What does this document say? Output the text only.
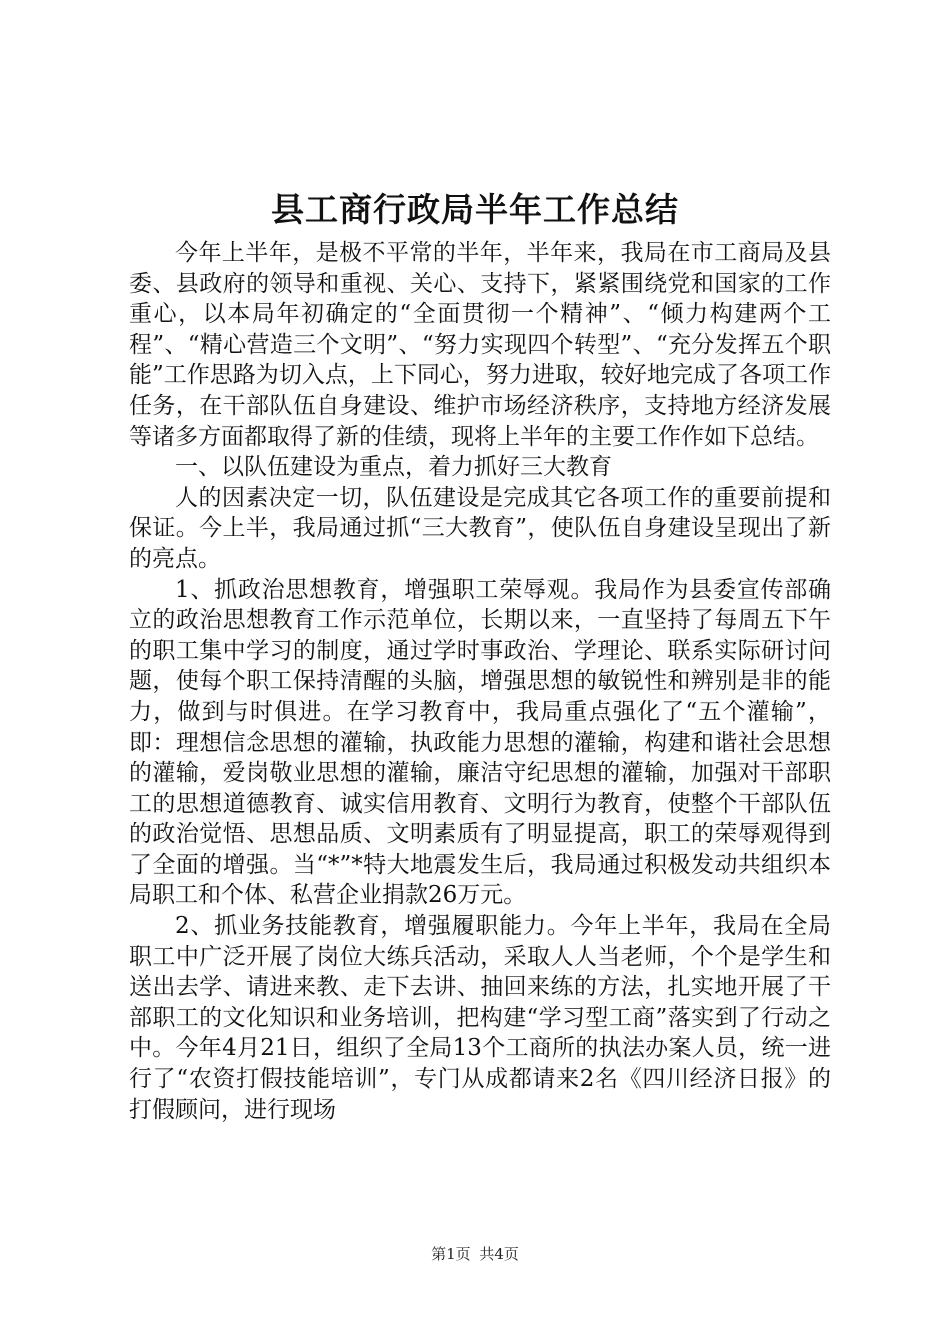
县工商行政局半年工作总结

今年上半年，是极不平常的半年，半年来，我局在市工商局及县委、县政府的领导和重视、关心、支持下，紧紧围绕党和国家的工作重心，以本局年初确定的“全面贯彻一个精神”、“倾力构建两个工程”、“精心营造三个文明”、“努力实现四个转型”、“充分发挥五个职能”工作思路为切入点，上下同心，努力进取，较好地完成了各项工作任务，在干部队伍自身建设、维护市场经济秩序，支持地方经济发展等诸多方面都取得了新的佳绩，现将上半年的主要工作作如下总结。

一、以队伍建设为重点，着力抓好三大教育

人的因素决定一切，队伍建设是完成其它各项工作的重要前提和保证。今上半，我局通过抓“三大教育”，使队伍自身建设呈现出了新的亮点。

1、抓政治思想教育，增强职工荣辱观。我局作为县委宣传部确立的政治思想教育工作示范单位，长期以来，一直坚持了每周五下午的职工集中学习的制度，通过学时事政治、学理论、联系实际研讨问题，使每个职工保持清醒的头脑，增强思想的敏锐性和辨别是非的能力，做到与时俱进。在学习教育中，我局重点强化了“五个灌输”，即：理想信念思想的灌输，执政能力思想的灌输，构建和谐社会思想的灌输，爱岗敬业思想的灌输，廉洁守纪思想的灌输，加强对干部职工的思想道德教育、诚实信用教育、文明行为教育，使整个干部队伍的政治觉悟、思想品质、文明素质有了明显提高，职工的荣辱观得到了全面的增强。当“*”*特大地震发生后，我局通过积极发动共组织本局职工和个体、私营企业捐款26万元。

2、抓业务技能教育，增强履职能力。今年上半年，我局在全局职工中广泛开展了岗位大练兵活动，采取人人当老师，个个是学生和送出去学、请进来教、走下去讲、抽回来练的方法，扎实地开展了干部职工的文化知识和业务培训，把构建“学习型工商”落实到了行动之中。今年4月21日，组织了全局13个工商所的执法办案人员，统一进行了“农资打假技能培训”，专门从成都请来2名《四川经济日报》的打假顾问，进行现场

第1页 共4页
